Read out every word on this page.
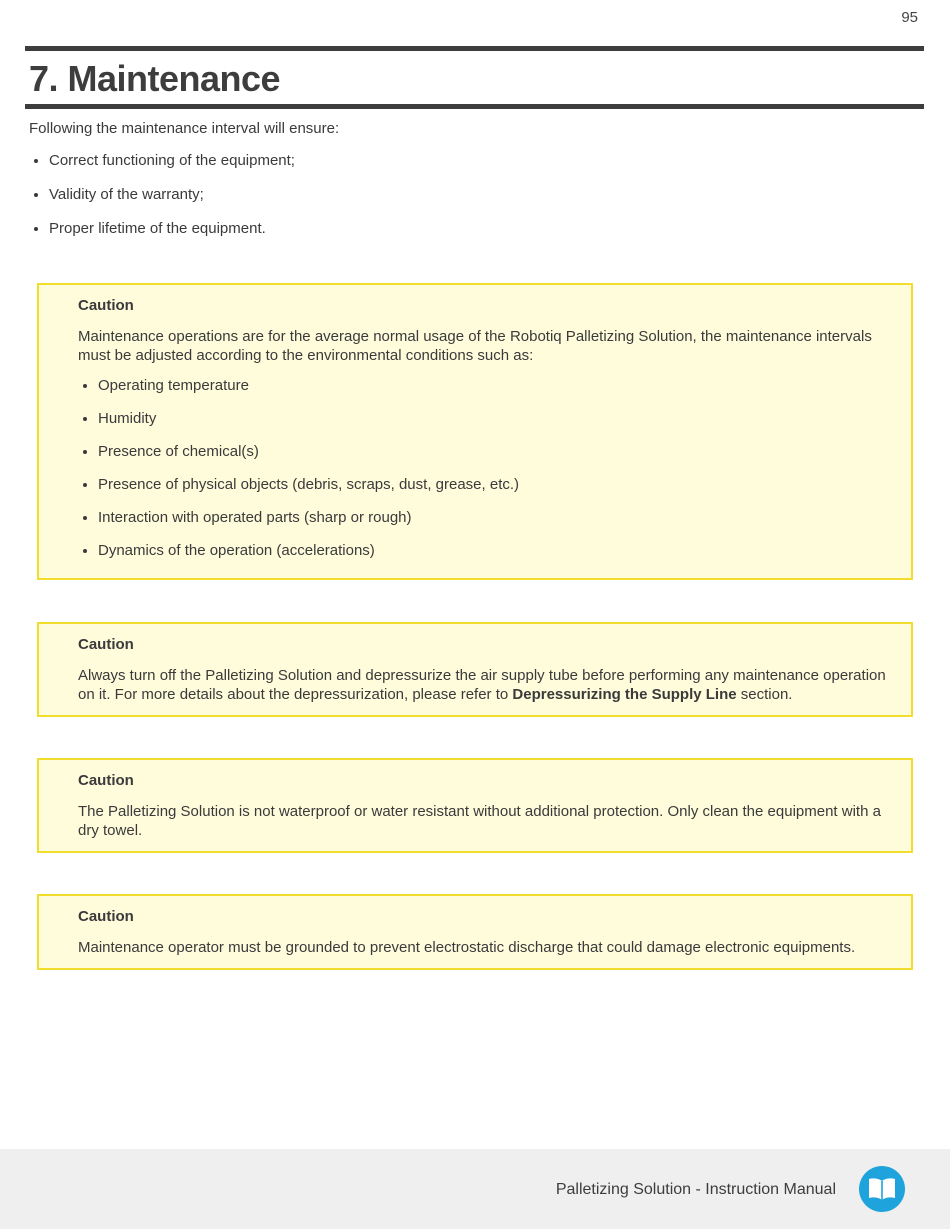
95
7. Maintenance

Following the maintenance interval will ensure:

• Correct functioning of the equipment;
• Validity of the warranty;
• Proper lifetime of the equipment.

Caution

Maintenance operations are for the average normal usage of the Robotiq Palletizing Solution, the maintenance intervals must be adjusted according to the environmental conditions such as:

• Operating temperature
• Humidity
• Presence of chemical(s)
• Presence of physical objects (debris, scraps, dust, grease, etc.)
• Interaction with operated parts (sharp or rough)
• Dynamics of the operation (accelerations)

Caution

Always turn off the Palletizing Solution and depressurize the air supply tube before performing any maintenance operation on it. For more details about the depressurization, please refer to Depressurizing the Supply Line section.

Caution

The Palletizing Solution is not waterproof or water resistant without additional protection. Only clean the equipment with a dry towel.

Caution

Maintenance operator must be grounded to prevent electrostatic discharge that could damage electronic equipments.

Palletizing Solution - Instruction Manual
